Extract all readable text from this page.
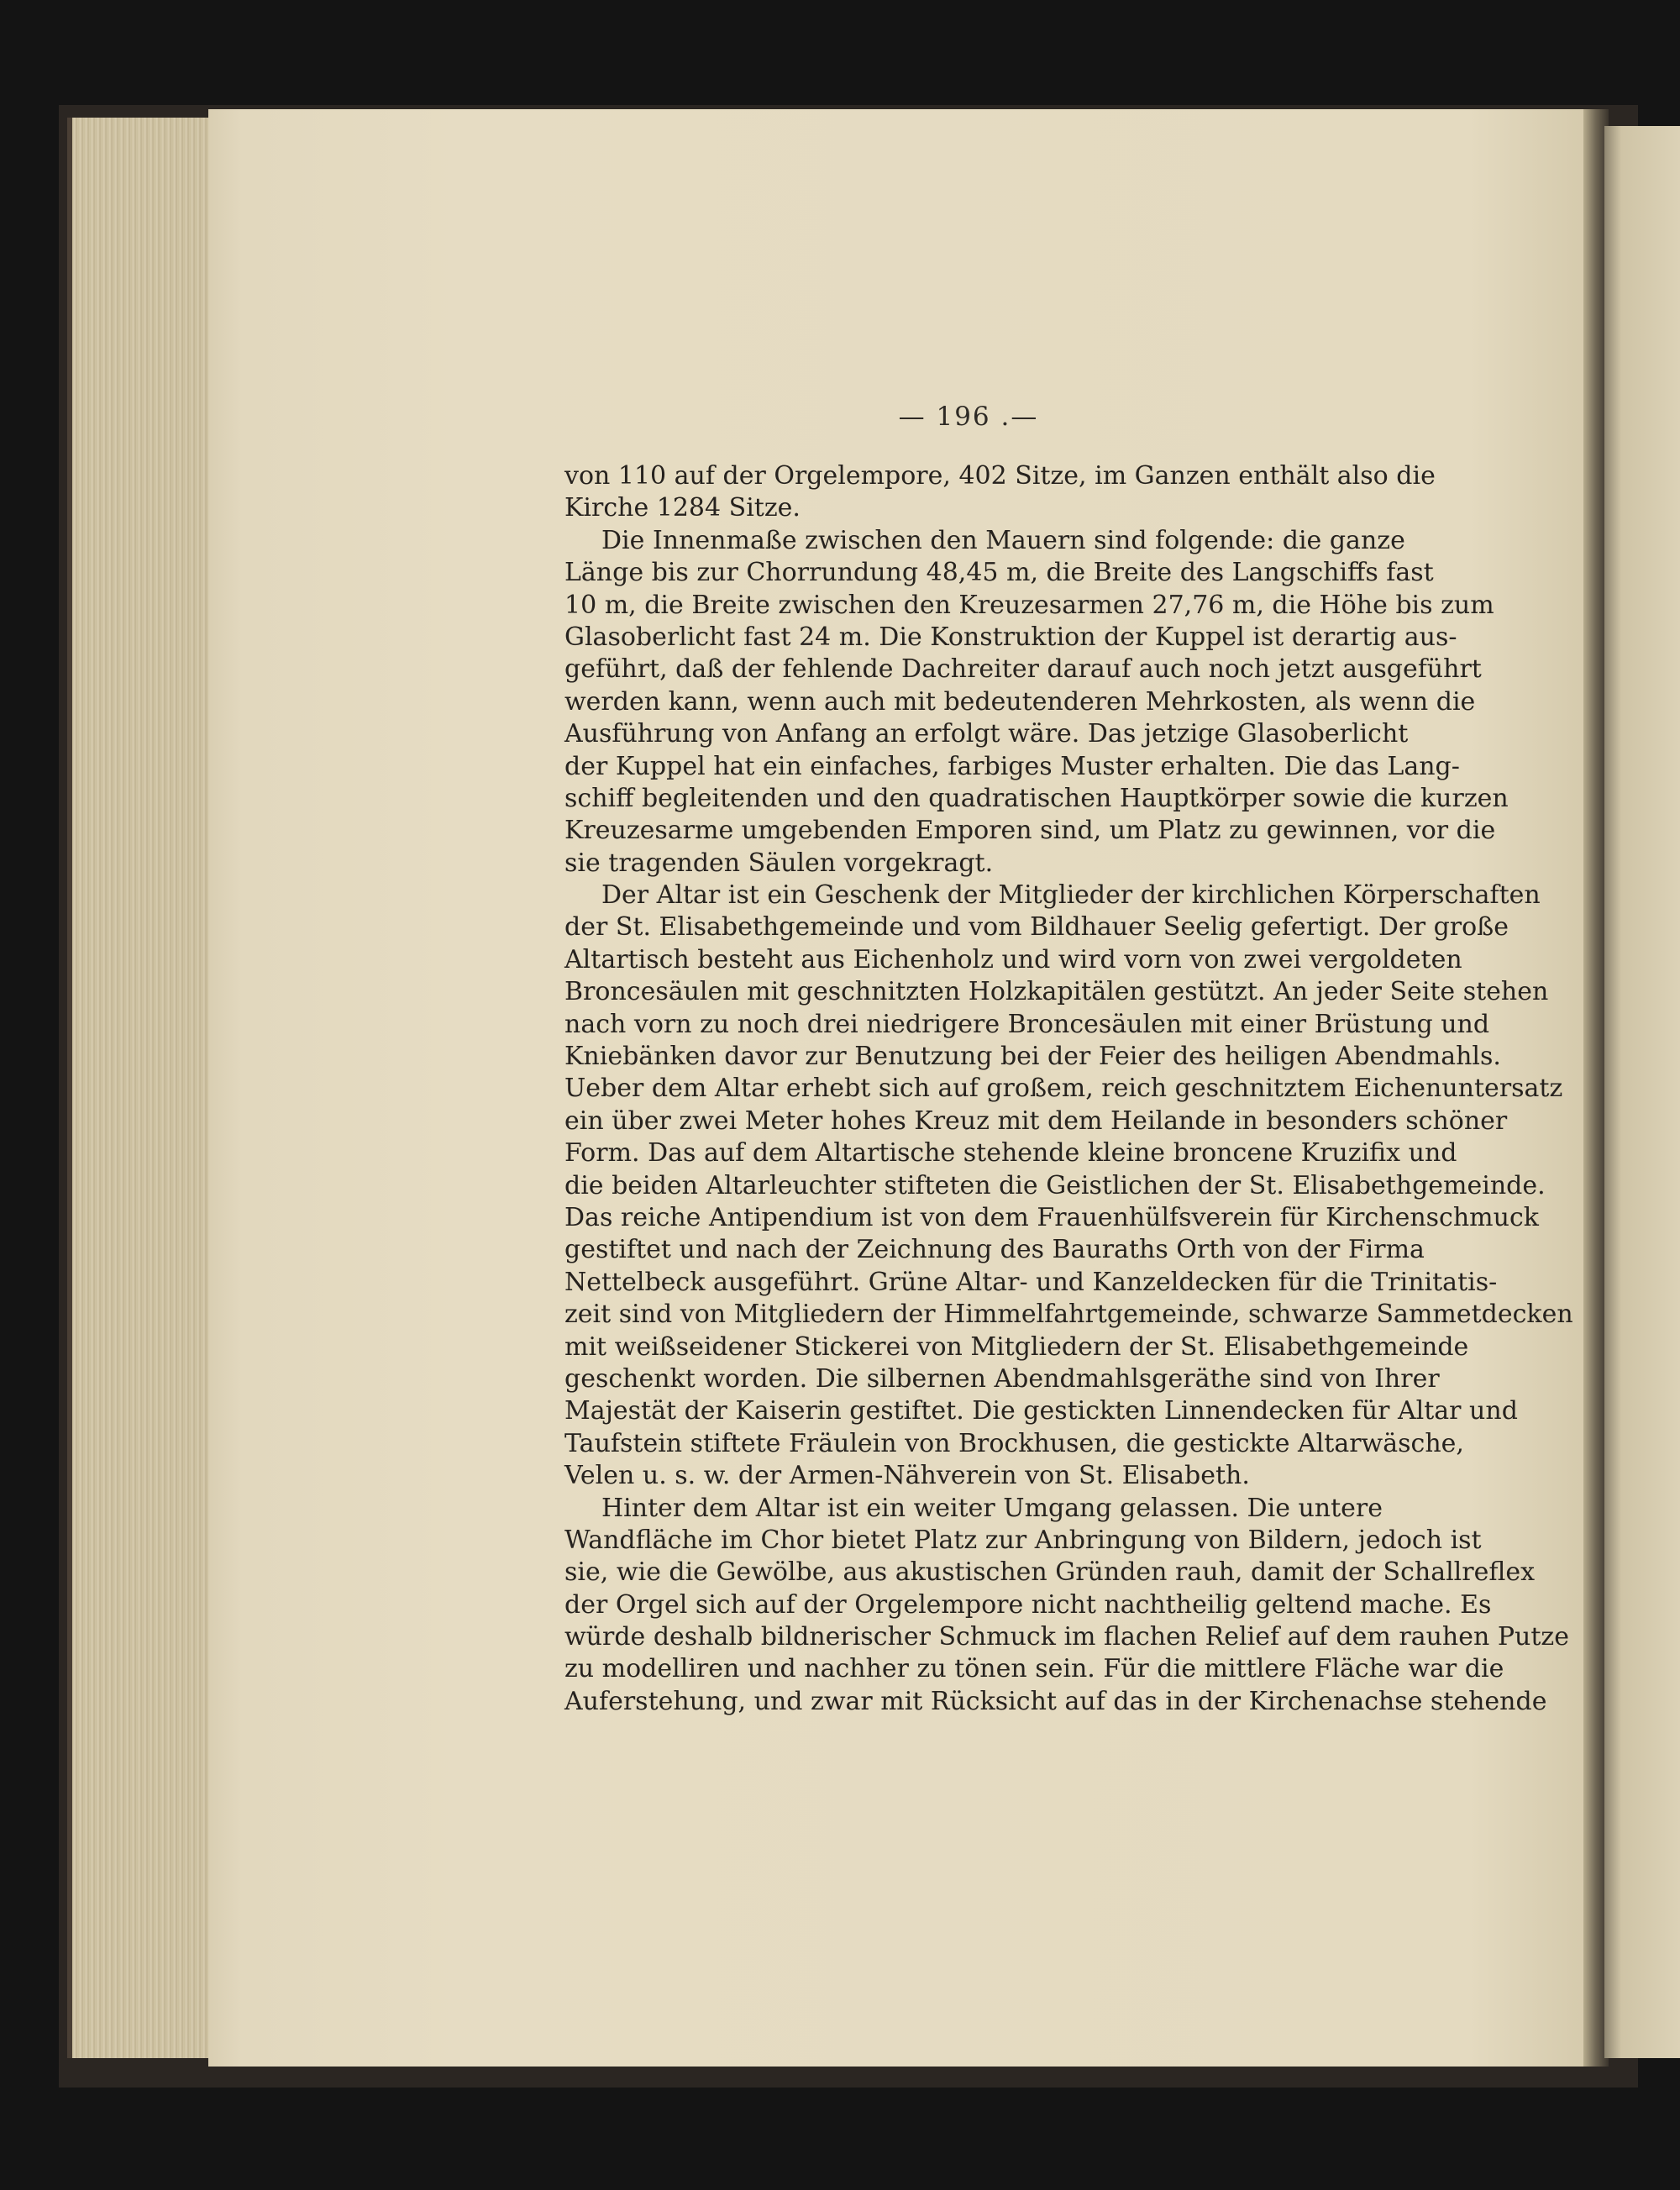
— 196 .—
von 110 auf der Orgelempore, 402 Sitze, im Ganzen enthält also die
Kirche 1284 Sitze.
Die Innenmaße zwischen den Mauern sind folgende: die ganze
Länge bis zur Chorrundung 48,45 m, die Breite des Langschiffs fast
10 m, die Breite zwischen den Kreuzesarmen 27,76 m, die Höhe bis zum
Glasoberlicht fast 24 m. Die Konstruktion der Kuppel ist derartig aus-
geführt, daß der fehlende Dachreiter darauf auch noch jetzt ausgeführt
werden kann, wenn auch mit bedeutenderen Mehrkosten, als wenn die
Ausführung von Anfang an erfolgt wäre. Das jetzige Glasoberlicht
der Kuppel hat ein einfaches, farbiges Muster erhalten. Die das Lang-
schiff begleitenden und den quadratischen Hauptkörper sowie die kurzen
Kreuzesarme umgebenden Emporen sind, um Platz zu gewinnen, vor die
sie tragenden Säulen vorgekragt.
Der Altar ist ein Geschenk der Mitglieder der kirchlichen Körperschaften
der St. Elisabethgemeinde und vom Bildhauer Seelig gefertigt. Der große
Altartisch besteht aus Eichenholz und wird vorn von zwei vergoldeten
Broncesäulen mit geschnitzten Holzkapitälen gestützt. An jeder Seite stehen
nach vorn zu noch drei niedrigere Broncesäulen mit einer Brüstung und
Kniebänken davor zur Benutzung bei der Feier des heiligen Abendmahls.
Ueber dem Altar erhebt sich auf großem, reich geschnitztem Eichenuntersatz
ein über zwei Meter hohes Kreuz mit dem Heilande in besonders schöner
Form. Das auf dem Altartische stehende kleine broncene Kruzifix und
die beiden Altarleuchter stifteten die Geistlichen der St. Elisabethgemeinde.
Das reiche Antipendium ist von dem Frauenhülfsverein für Kirchenschmuck
gestiftet und nach der Zeichnung des Bauraths Orth von der Firma
Nettelbeck ausgeführt. Grüne Altar- und Kanzeldecken für die Trinitatis-
zeit sind von Mitgliedern der Himmelfahrtgemeinde, schwarze Sammetdecken
mit weißseidener Stickerei von Mitgliedern der St. Elisabethgemeinde
geschenkt worden. Die silbernen Abendmahlsgeräthe sind von Ihrer
Majestät der Kaiserin gestiftet. Die gestickten Linnendecken für Altar und
Taufstein stiftete Fräulein von Brockhusen, die gestickte Altarwäsche,
Velen u. s. w. der Armen-Nähverein von St. Elisabeth.
Hinter dem Altar ist ein weiter Umgang gelassen. Die untere
Wandfläche im Chor bietet Platz zur Anbringung von Bildern, jedoch ist
sie, wie die Gewölbe, aus akustischen Gründen rauh, damit der Schallreflex
der Orgel sich auf der Orgelempore nicht nachtheilig geltend mache. Es
würde deshalb bildnerischer Schmuck im flachen Relief auf dem rauhen Putze
zu modelliren und nachher zu tönen sein. Für die mittlere Fläche war die
Auferstehung, und zwar mit Rücksicht auf das in der Kirchenachse stehende
